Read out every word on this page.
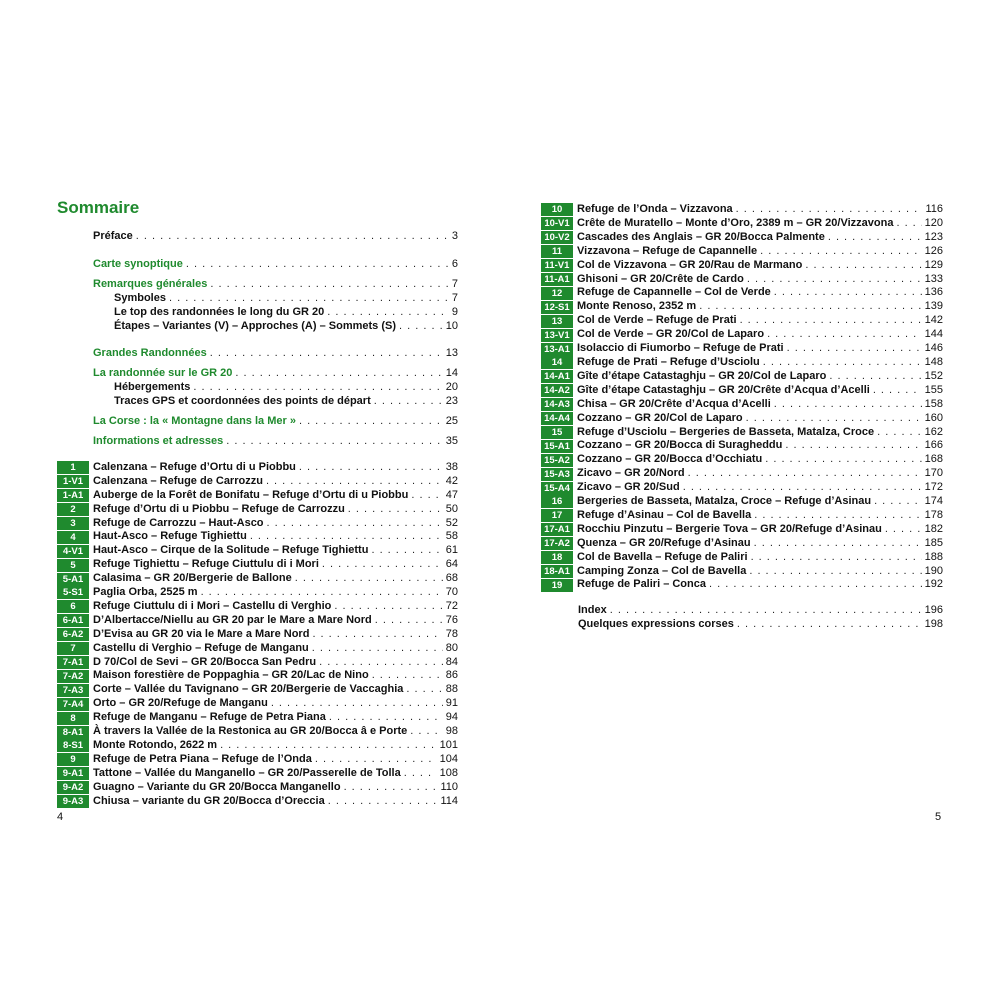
Sommaire
Préface . . .	3
Carte synoptique . . .	6
Remarques générales . . .	7
Symboles . . .	7
Le top des randonnées le long du GR 20 . . .	9
Étapes – Variantes (V) – Approches (A) – Sommets (S) . . .	10
Grandes Randonnées . . .	13
La randonnée sur le GR 20 . . .	14
Hébergements . . .	20
Traces GPS et coordonnées des points de départ . . .	23
La Corse : la « Montagne dans la Mer » . . .	25
Informations et adresses . . .	35
1	Calenzana – Refuge d’Ortu di u Piobbu . . .	38
1-V1 Calenzana – Refuge de Carrozzu . . .	42
1-A1 Auberge de la Forêt de Bonifatu – Refuge d’Ortu di u Piobbu . . .	47
2	Refuge d’Ortu di u Piobbu – Refuge de Carrozzu . . .	50
3	Refuge de Carrozzu – Haut-Asco . . .	52
4	Haut-Asco – Refuge Tighiettu . . .	58
4-V1 Haut-Asco – Cirque de la Solitude – Refuge Tighiettu . . .	61
5	Refuge Tighiettu – Refuge Ciuttulu di i Mori . . .	64
5-A1 Calasima – GR 20/Bergerie de Ballone . . .	68
5-S1 Paglia Orba, 2525 m . . .	70
6	Refuge Ciuttulu di i Mori – Castellu di Verghio . . .	72
6-A1 D’Albertacce/Niellu au GR 20 par le Mare a Mare Nord . . .	76
6-A2 D’Evisa au GR 20 via le Mare a Mare Nord . . .	78
7	Castellu di Verghio – Refuge de Manganu . . .	80
7-A1 D 70/Col de Sevi – GR 20/Bocca San Pedru . . .	84
7-A2 Maison forestière de Poppaghia – GR 20/Lac de Nino . . .	86
7-A3 Corte – Vallée du Tavignano – GR 20/Bergerie de Vaccaghia . . .	88
7-A4 Orto – GR 20/Refuge de Manganu . . .	91
8	Refuge de Manganu – Refuge de Petra Piana . . .	94
8-A1 À travers la Vallée de la Restonica au GR 20/Bocca â e Porte . . .	98
8-S1 Monte Rotondo, 2622 m . . .	101
9	Refuge de Petra Piana – Refuge de l’Onda . . .	104
9-A1 Tattone – Vallée du Manganello – GR 20/Passerelle de Tolla . . .	108
9-A2 Guagno – Variante du GR 20/Bocca Manganello . . .	110
9-A3 Chiusa – variante du GR 20/Bocca d’Oreccia . . .	114
10	Refuge de l’Onda – Vizzavona . . .	116
10-V1 Crête de Muratello – Monte d’Oro, 2389 m – GR 20/Vizzavona . . .	120
10-V2 Cascades des Anglais – GR 20/Bocca Palmente . . .	123
11	Vizzavona – Refuge de Capannelle . . .	126
11-V1 Col de Vizzavona – GR 20/Rau de Marmano . . .	129
11-A1 Ghisoni – GR 20/Crête de Cardo . . .	133
12	Refuge de Capannelle – Col de Verde . . .	136
12-S1 Monte Renoso, 2352 m . . .	139
13	Col de Verde – Refuge de Prati . . .	142
13-V1 Col de Verde – GR 20/Col de Laparo . . .	144
13-A1 Isolaccio di Fiumorbo – Refuge de Prati . . .	146
14	Refuge de Prati – Refuge d’Usciolu . . .	148
14-A1 Gîte d’étape Catastaghju – GR 20/Col de Laparo . . .	152
14-A2 Gîte d’étape Catastaghju – GR 20/Crête d’Acqua d’Acelli . . .	155
14-A3 Chisa – GR 20/Crête d’Acqua d’Acelli . . .	158
14-A4 Cozzano – GR 20/Col de Laparo . . .	160
15	Refuge d’Usciolu – Bergeries de Basseta, Matalza, Croce . . .	162
15-A1 Cozzano – GR 20/Bocca di Suragheddu . . .	166
15-A2 Cozzano – GR 20/Bocca d’Occhiatu . . .	168
15-A3 Zicavo – GR 20/Nord . . .	170
15-A4 Zicavo – GR 20/Sud . . .	172
16	Bergeries de Basseta, Matalza, Croce – Refuge d’Asinau . . .	174
17	Refuge d’Asinau – Col de Bavella . . .	178
17-A1 Rocchiu Pinzutu – Bergerie Tova – GR 20/Refuge d’Asinau . . .	182
17-A2 Quenza – GR 20/Refuge d’Asinau . . .	185
18	Col de Bavella – Refuge de Paliri . . .	188
18-A1 Camping Zonza – Col de Bavella . . .	190
19	Refuge de Paliri – Conca . . .	192
Index . . .	196
Quelques expressions corses . . .	198
4	5
